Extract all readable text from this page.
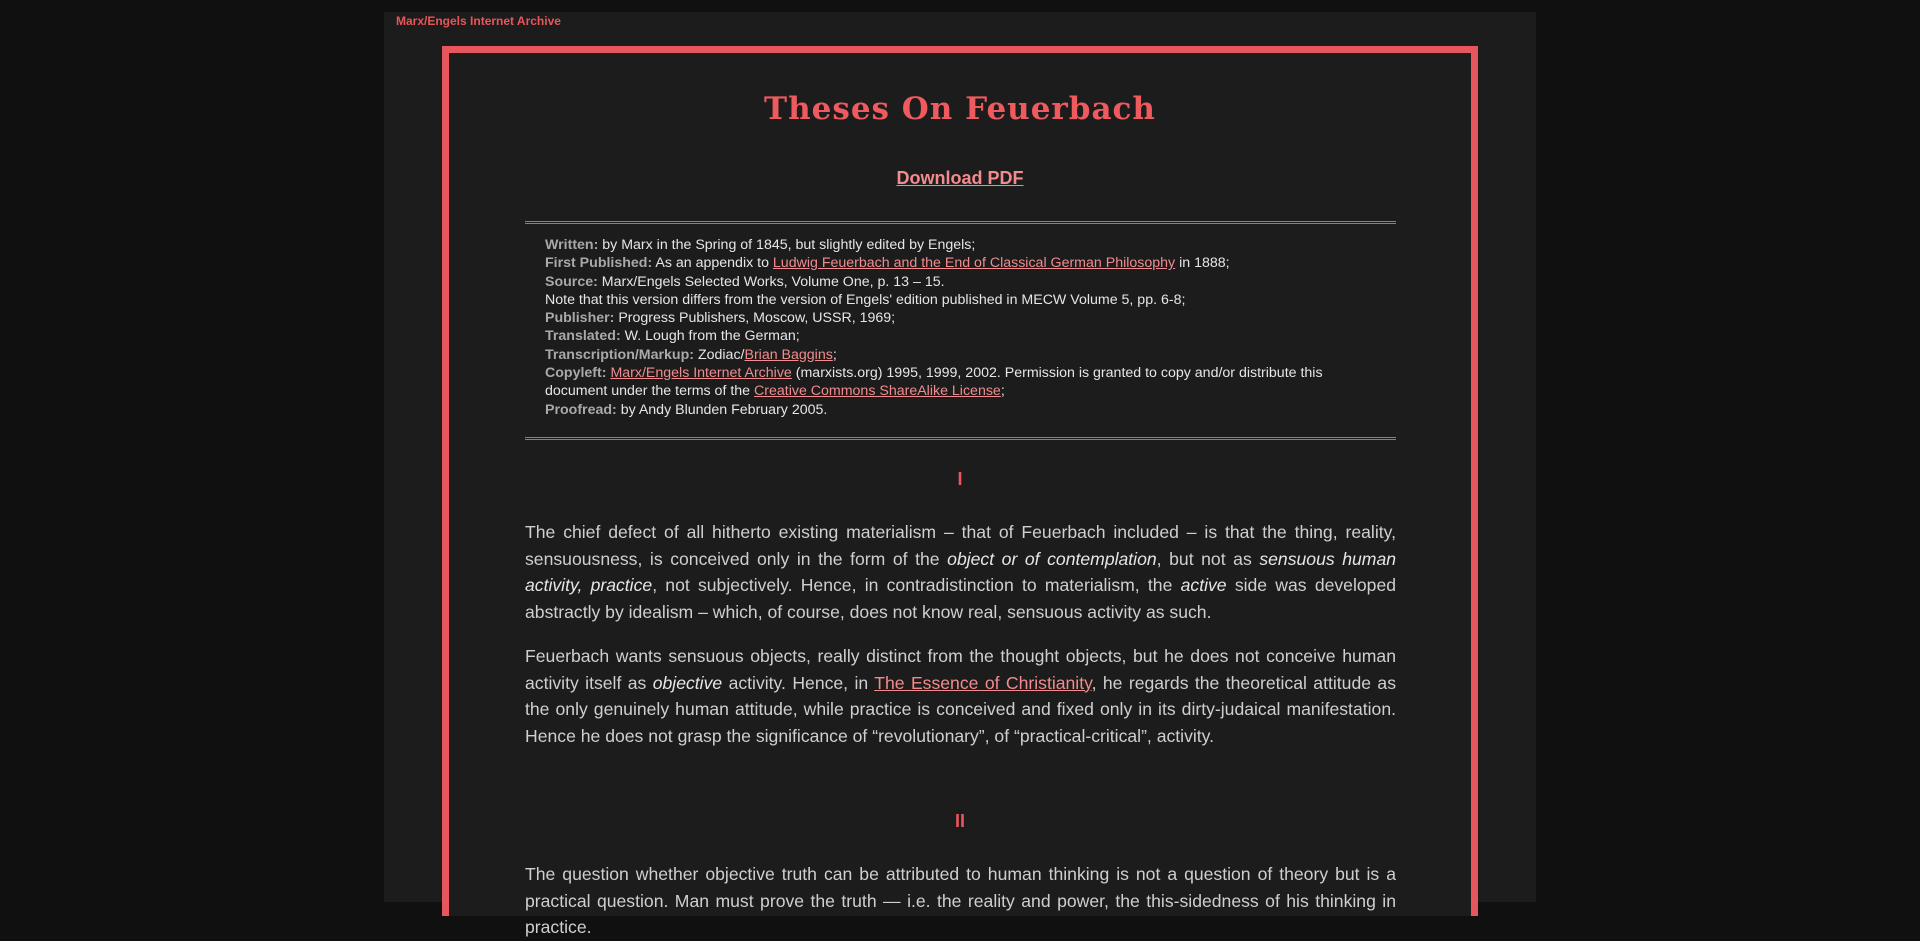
Marx/Engels Internet Archive
Theses On Feuerbach
Download PDF
Written: by Marx in the Spring of 1845, but slightly edited by Engels;
First Published: As an appendix to Ludwig Feuerbach and the End of Classical German Philosophy in 1888;
Source: Marx/Engels Selected Works, Volume One, p. 13 – 15.
Note that this version differs from the version of Engels' edition published in MECW Volume 5, pp. 6-8;
Publisher: Progress Publishers, Moscow, USSR, 1969;
Translated: W. Lough from the German;
Transcription/Markup: Zodiac/Brian Baggins;
Copyleft: Marx/Engels Internet Archive (marxists.org) 1995, 1999, 2002. Permission is granted to copy and/or distribute this document under the terms of the Creative Commons ShareAlike License;
Proofread: by Andy Blunden February 2005.
I

The chief defect of all hitherto existing materialism – that of Feuerbach included – is that the thing, reality, sensuousness, is conceived only in the form of the object or of contemplation, but not as sensuous human activity, practice, not subjectively. Hence, in contradistinction to materialism, the active side was developed abstractly by idealism – which, of course, does not know real, sensuous activity as such.

Feuerbach wants sensuous objects, really distinct from the thought objects, but he does not conceive human activity itself as objective activity. Hence, in The Essence of Christianity, he regards the theoretical attitude as the only genuinely human attitude, while practice is conceived and fixed only in its dirty-judaical manifestation. Hence he does not grasp the significance of “revolutionary”, of “practical-critical”, activity.

II

The question whether objective truth can be attributed to human thinking is not a question of theory but is a practical question. Man must prove the truth — i.e. the reality and power, the this-sidedness of his thinking in practice.
